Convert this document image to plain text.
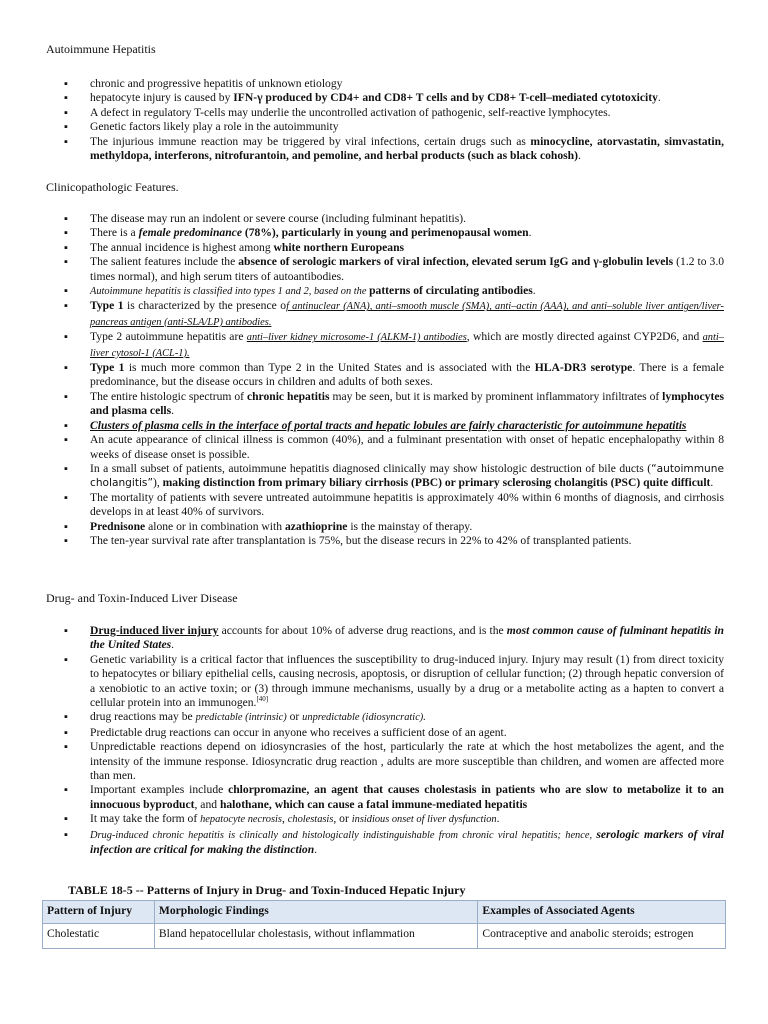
Autoimmune Hepatitis
▪ chronic and progressive hepatitis of unknown etiology
▪ hepatocyte injury is caused by IFN-γ produced by CD4+ and CD8+ T cells and by CD8+ T-cell–mediated cytotoxicity.
▪ A defect in regulatory T-cells may underlie the uncontrolled activation of pathogenic, self-reactive lymphocytes.
▪ Genetic factors likely play a role in the autoimmunity
▪ The injurious immune reaction may be triggered by viral infections, certain drugs such as minocycline, atorvastatin, simvastatin, methyldopa, interferons, nitrofurantoin, and pemoline, and herbal products (such as black cohosh).
Clinicopathologic Features.
▪ The disease may run an indolent or severe course (including fulminant hepatitis).
▪ There is a female predominance (78%), particularly in young and perimenopausal women.
▪ The annual incidence is highest among white northern Europeans
▪ The salient features include the absence of serologic markers of viral infection, elevated serum IgG and γ-globulin levels (1.2 to 3.0 times normal), and high serum titers of autoantibodies.
▪ Autoimmune hepatitis is classified into types 1 and 2, based on the patterns of circulating antibodies.
▪ Type 1 is characterized by the presence of antinuclear (ANA), anti–smooth muscle (SMA), anti–actin (AAA), and anti–soluble liver antigen/liver-pancreas antigen (anti-SLA/LP) antibodies.
▪ Type 2 autoimmune hepatitis are anti–liver kidney microsome-1 (ALKM-1) antibodies, which are mostly directed against CYP2D6, and anti–liver cytosol-1 (ACL-1).
▪ Type 1 is much more common than Type 2 in the United States and is associated with the HLA-DR3 serotype. There is a female predominance, but the disease occurs in children and adults of both sexes.
▪ The entire histologic spectrum of chronic hepatitis may be seen, but it is marked by prominent inflammatory infiltrates of lymphocytes and plasma cells.
▪ Clusters of plasma cells in the interface of portal tracts and hepatic lobules are fairly characteristic for autoimmune hepatitis
▪ An acute appearance of clinical illness is common (40%), and a fulminant presentation with onset of hepatic encephalopathy within 8 weeks of disease onset is possible.
▪ In a small subset of patients, autoimmune hepatitis diagnosed clinically may show histologic destruction of bile ducts (“autoimmune cholangitis”), making distinction from primary biliary cirrhosis (PBC) or primary sclerosing cholangitis (PSC) quite difficult.
▪ The mortality of patients with severe untreated autoimmune hepatitis is approximately 40% within 6 months of diagnosis, and cirrhosis develops in at least 40% of survivors.
▪ Prednisone alone or in combination with azathioprine is the mainstay of therapy.
▪ The ten-year survival rate after transplantation is 75%, but the disease recurs in 22% to 42% of transplanted patients.
Drug- and Toxin-Induced Liver Disease
▪ Drug-induced liver injury accounts for about 10% of adverse drug reactions, and is the most common cause of fulminant hepatitis in the United States.
▪ Genetic variability is a critical factor that influences the susceptibility to drug-induced injury. Injury may result (1) from direct toxicity to hepatocytes or biliary epithelial cells, causing necrosis, apoptosis, or disruption of cellular function; (2) through hepatic conversion of a xenobiotic to an active toxin; or (3) through immune mechanisms, usually by a drug or a metabolite acting as a hapten to convert a cellular protein into an immunogen.[40]
▪ drug reactions may be predictable (intrinsic) or unpredictable (idiosyncratic).
▪ Predictable drug reactions can occur in anyone who receives a sufficient dose of an agent.
▪ Unpredictable reactions depend on idiosyncrasies of the host, particularly the rate at which the host metabolizes the agent, and the intensity of the immune response. Idiosyncratic drug reaction , adults are more susceptible than children, and women are affected more than men.
▪ Important examples include chlorpromazine, an agent that causes cholestasis in patients who are slow to metabolize it to an innocuous byproduct, and halothane, which can cause a fatal immune-mediated hepatitis
▪ It may take the form of hepatocyte necrosis, cholestasis, or insidious onset of liver dysfunction.
▪ Drug-induced chronic hepatitis is clinically and histologically indistinguishable from chronic viral hepatitis; hence, serologic markers of viral infection are critical for making the distinction.
TABLE 18-5 -- Patterns of Injury in Drug- and Toxin-Induced Hepatic Injury
Pattern of Injury	Morphologic Findings	Examples of Associated Agents
Cholestatic	Bland hepatocellular cholestasis, without inflammation	Contraceptive and anabolic steroids; estrogen
